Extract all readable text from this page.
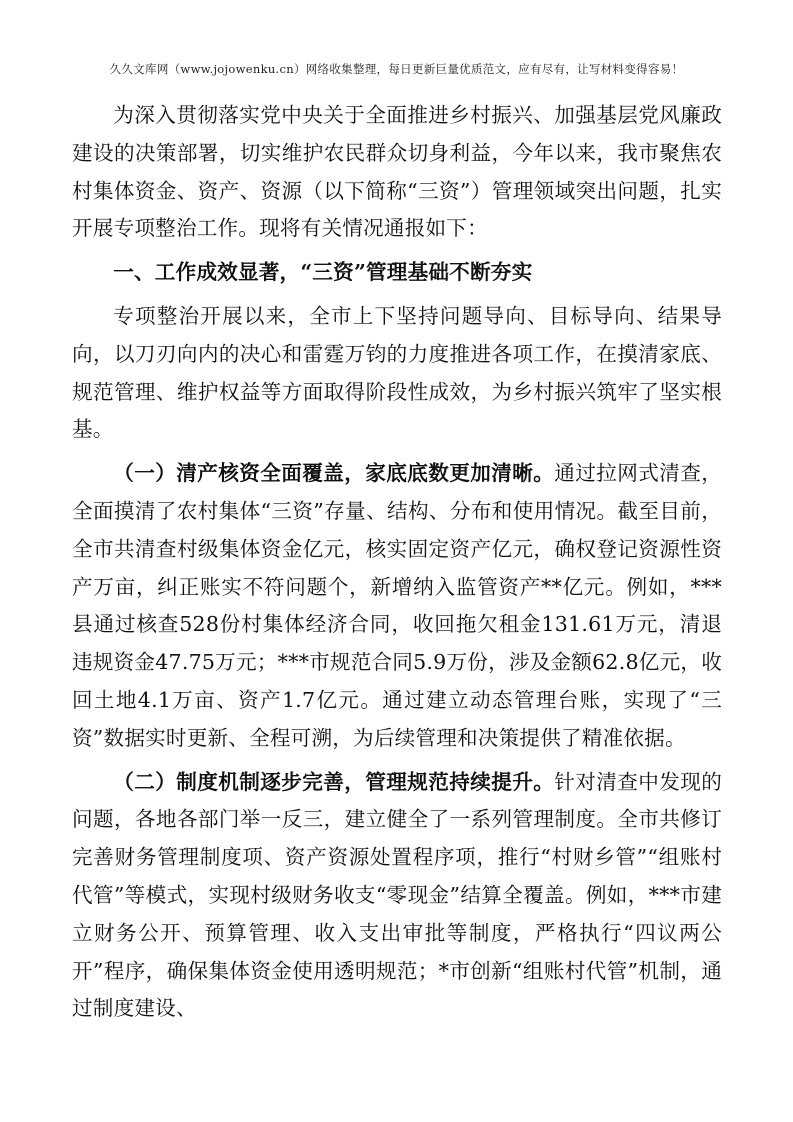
久久文库网（www.jojowenku.cn）网络收集整理，每日更新巨量优质范文，应有尽有，让写材料变得容易！

为深入贯彻落实党中央关于全面推进乡村振兴、加强基层党风廉政建设的决策部署，切实维护农民群众切身利益，今年以来，我市聚焦农村集体资金、资产、资源（以下简称“三资”）管理领域突出问题，扎实开展专项整治工作。现将有关情况通报如下：

一、工作成效显著，“三资”管理基础不断夯实

专项整治开展以来，全市上下坚持问题导向、目标导向、结果导向，以刀刃向内的决心和雷霆万钧的力度推进各项工作，在摸清家底、规范管理、维护权益等方面取得阶段性成效，为乡村振兴筑牢了坚实根基。

（一）清产核资全面覆盖，家底底数更加清晰。通过拉网式清查，全面摸清了农村集体“三资”存量、结构、分布和使用情况。截至目前，全市共清查村级集体资金亿元，核实固定资产亿元，确权登记资源性资产万亩，纠正账实不符问题个，新增纳入监管资产**亿元。例如，***县通过核查528份村集体经济合同，收回拖欠租金131.61万元，清退违规资金47.75万元；***市规范合同5.9万份，涉及金额62.8亿元，收回土地4.1万亩、资产1.7亿元。通过建立动态管理台账，实现了“三资”数据实时更新、全程可溯，为后续管理和决策提供了精准依据。

（二）制度机制逐步完善，管理规范持续提升。针对清查中发现的问题，各地各部门举一反三，建立健全了一系列管理制度。全市共修订完善财务管理制度项、资产资源处置程序项，推行“村财乡管”“组账村代管”等模式，实现村级财务收支“零现金”结算全覆盖。例如，***市建立财务公开、预算管理、收入支出审批等制度，严格执行“四议两公开”程序，确保集体资金使用透明规范；*市创新“组账村代管”机制，通过制度建设、
